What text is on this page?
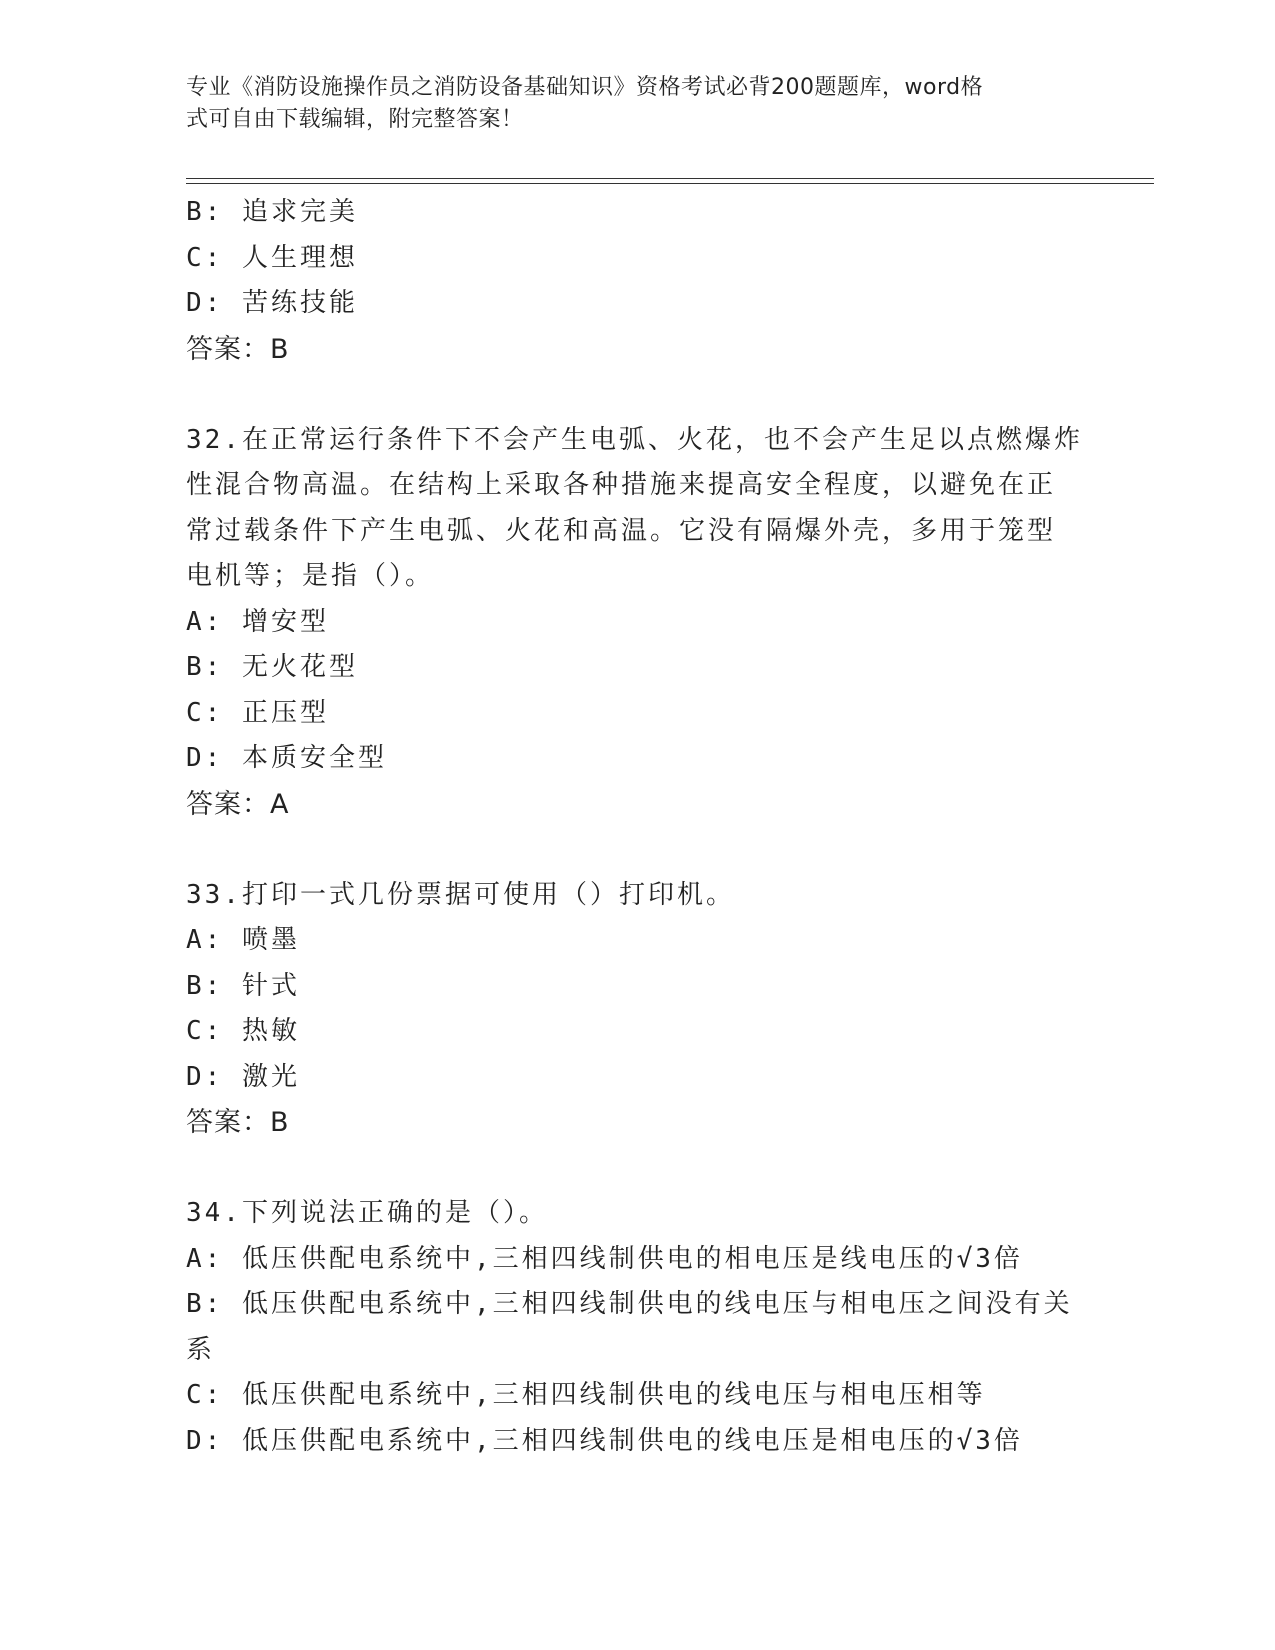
专业《消防设施操作员之消防设备基础知识》资格考试必背200题题库，word格
式可自由下载编辑，附完整答案！
B: 追求完美
C: 人生理想
D: 苦练技能
答案：B
32.在正常运行条件下不会产生电弧、火花，也不会产生足以点燃爆炸
性混合物高温。在结构上采取各种措施来提高安全程度，以避免在正
常过载条件下产生电弧、火花和高温。它没有隔爆外壳，多用于笼型
电机等；是指（）。
A: 增安型
B: 无火花型
C: 正压型
D: 本质安全型
答案：A
33.打印一式几份票据可使用（）打印机。
A: 喷墨
B: 针式
C: 热敏
D: 激光
答案：B
34.下列说法正确的是（）。
A: 低压供配电系统中,三相四线制供电的相电压是线电压的√3倍
B: 低压供配电系统中,三相四线制供电的线电压与相电压之间没有关
系
C: 低压供配电系统中,三相四线制供电的线电压与相电压相等
D: 低压供配电系统中,三相四线制供电的线电压是相电压的√3倍
